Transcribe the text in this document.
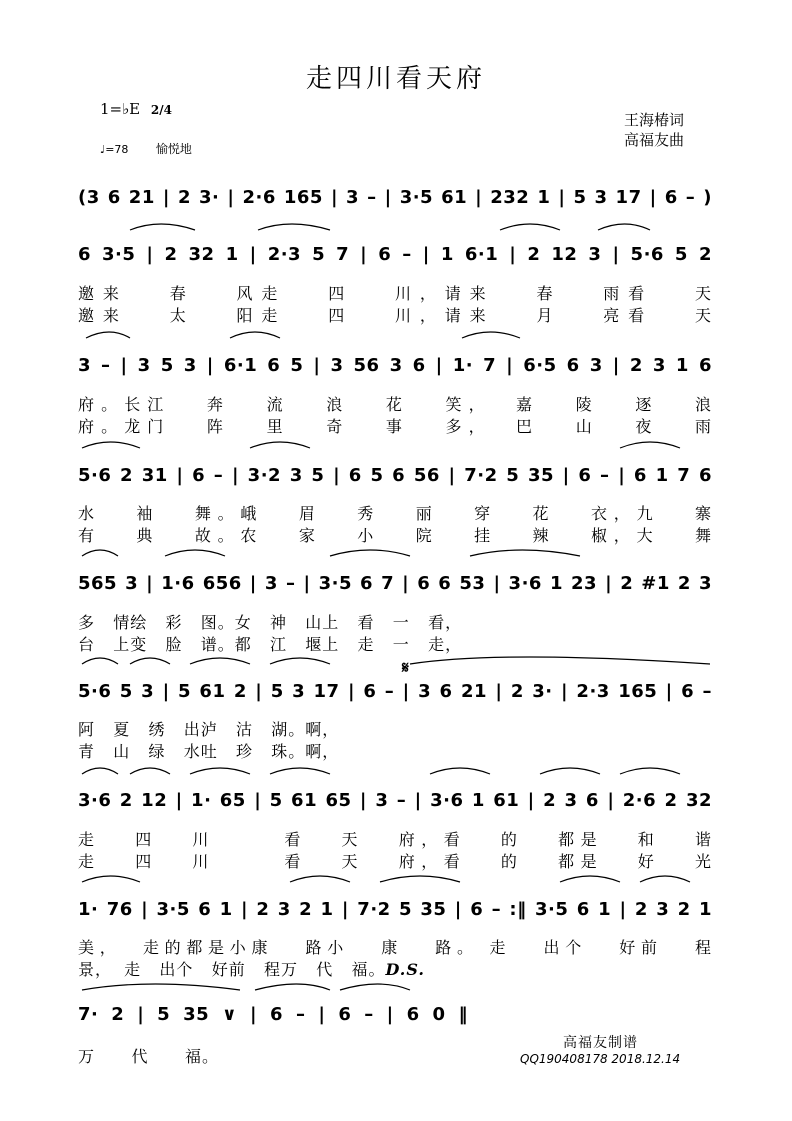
走四川看天府
1=♭E 2/4
♩=78 愉悦地
王海椿词
高福友曲
(3 6 21 | 2 3· | 2·6 165 | 3 – | 3·5 61 | 232 1 | 5 3 17 | 6 – )
6 3·5 | 2 32 1 | 2·3 5 7 | 6 – | 1 6·1 | 2 12 3 | 5·6 5 2
邀来   春   风走   四   川，请来   春   雨看   天
邀来   太   阳走   四   川，请来   月   亮看   天
3 – | 3 5 3 | 6·1 6 5 | 3 56 3 6 | 1· 7 | 6·5 6 3 | 2 3 1 6
府。长江   奔   流   浪   花   笑，  嘉   陵   逐   浪
府。龙门   阵   里   奇   事   多，  巴   山   夜   雨
5·6 2 31 | 6 – | 3·2 3 5 | 6 5 6 56 | 7·2 5 35 | 6 – | 6 1 7 6
水   袖   舞。峨   眉   秀   丽   穿   花   衣，九   寨
有   典   故。农   家   小   院   挂   辣   椒，大   舞
565 3 | 1·6 656 | 3 – | 3·5 6 7 | 6 6 53 | 3·6 1 23 | 2 #1 2 3
多   情绘   彩   图。女   神   山上   看   一   看，
台   上变   脸   谱。都   江   堰上   走   一   走，
𝄋
5·6 5 3 | 5 61 2 | 5 3 17 | 6 – | 3 6 21 | 2 3· | 2·3 165 | 6 –
阿   夏   绣   出泸   沽   湖。啊，
青   山   绿   水吐   珍   珠。啊，
3·6 2 12 | 1· 65 | 5 61 65 | 3 – | 3·6 1 61 | 2 3 6 | 2·6 2 32
走   四   川      看   天   府，看   的   都是   和   谐
走   四   川      看   天   府，看   的   都是   好   光
1· 76 | 3·5 6 1 | 2 3 2 1 | 7·2 5 35 | 6 – :‖ 3·5 6 1 | 2 3 2 1
美，  走的都是小康   路小   康   路。 走   出个   好前   程
景，  走   出个   好前   程万   代   福。D.S.
7· 2 | 5 35 ∨ | 6 – | 6 – | 6 0 ‖
万      代      福。
高福友制谱
QQ190408178 2018.12.14
